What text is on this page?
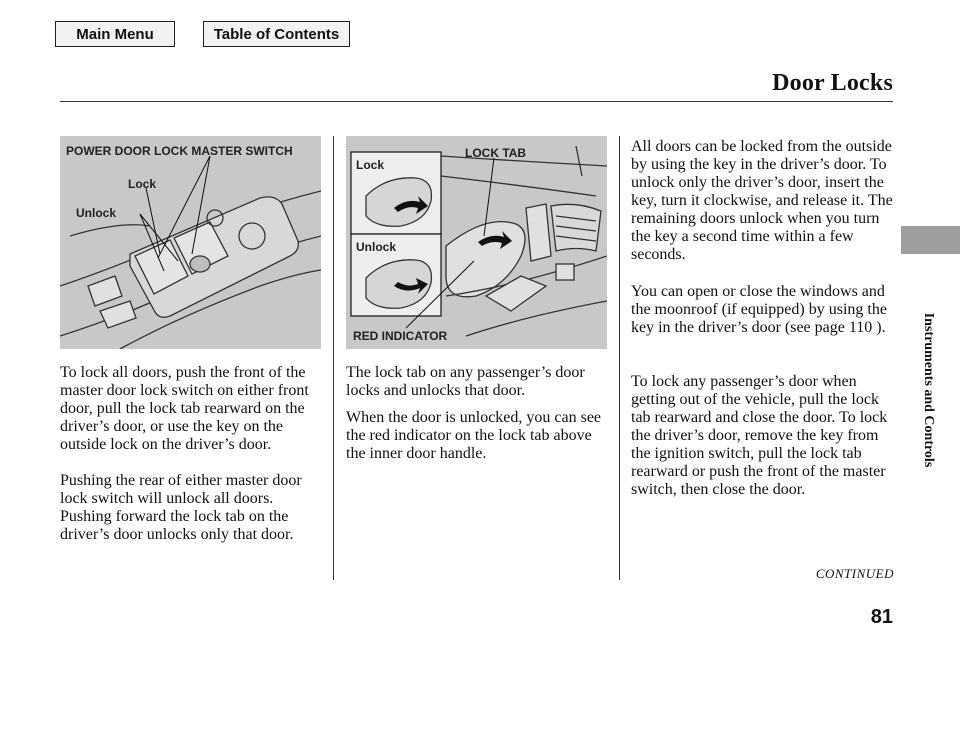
Main Menu	Table of Contents
Door Locks
Instruments and Controls
POWER DOOR LOCK MASTER SWITCH
Lock
Unlock
LOCK TAB
Lock
Unlock
RED INDICATOR

To lock all doors, push the front of the master door lock switch on either front door, pull the lock tab rearward on the driver’s door, or use the key on the outside lock on the driver’s door.

Pushing the rear of either master door lock switch will unlock all doors. Pushing forward the lock tab on the driver’s door unlocks only that door.

The lock tab on any passenger’s door locks and unlocks that door.

When the door is unlocked, you can see the red indicator on the lock tab above the inner door handle.

All doors can be locked from the outside by using the key in the driver’s door. To unlock only the driver’s door, insert the key, turn it clockwise, and release it. The remaining doors unlock when you turn the key a second time within a few seconds.

You can open or close the windows and the moonroof (if equipped) by using the key in the driver’s door (see page 110 ).

To lock any passenger’s door when getting out of the vehicle, pull the lock tab rearward and close the door. To lock the driver’s door, remove the key from the ignition switch, pull the lock tab rearward or push the front of the master switch, then close the door.

CONTINUED
81
